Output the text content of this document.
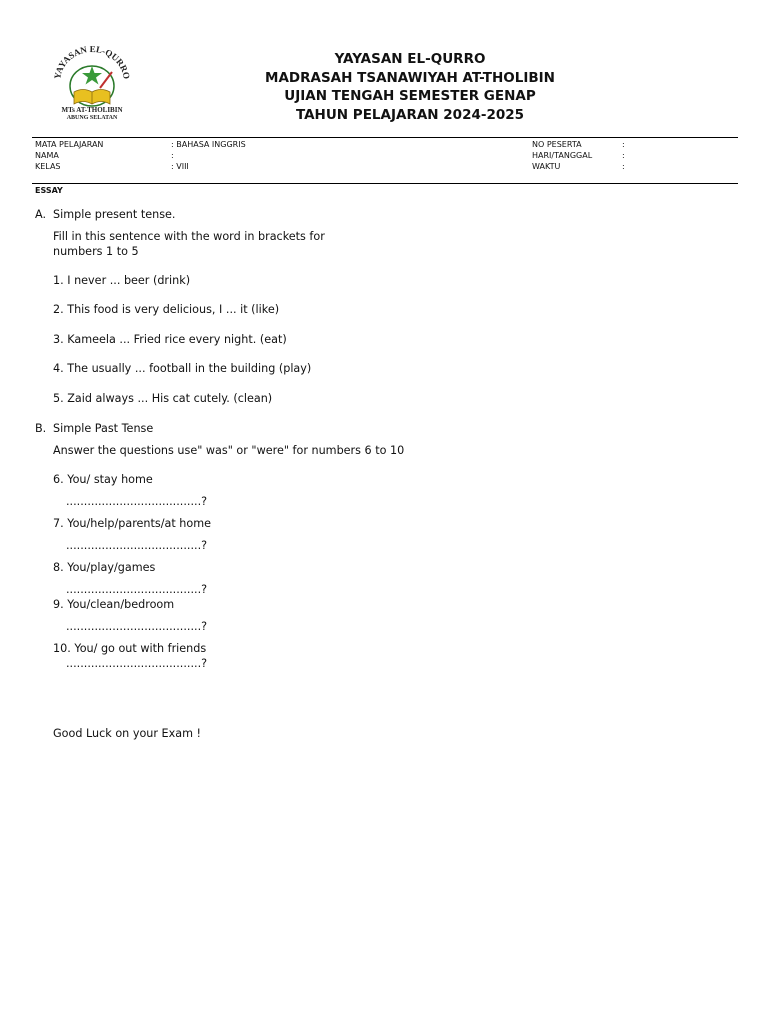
YAYASAN EL-QURRO
MTs AT-THOLIBIN
ABUNG SELATAN
YAYASAN EL-QURRO
MADRASAH TSANAWIYAH AT-THOLIBIN
UJIAN TENGAH SEMESTER GENAP
TAHUN PELAJARAN 2024-2025
MATA PELAJARAN	: BAHASA INGGRIS
NAMA	:
KELAS	: VIII
NO PESERTA	:
HARI/TANGGAL	:
WAKTU	:
ESSAY
A. Simple present tense.
Fill in this sentence with the word in brackets for numbers 1 to 5
1. I never ... beer (drink)
2. This food is very delicious, I ... it (like)
3. Kameela ... Fried rice every night. (eat)
4. The usually ... football in the building (play)
5. Zaid always ... His cat cutely. (clean)
B. Simple Past Tense
Answer the questions use" was" or "were" for numbers 6 to 10
6. You/ stay home
......................................?
7. You/help/parents/at home
......................................?
8. You/play/games
......................................?
9. You/clean/bedroom
......................................?
10. You/ go out with friends
......................................?
Good Luck on your Exam !
